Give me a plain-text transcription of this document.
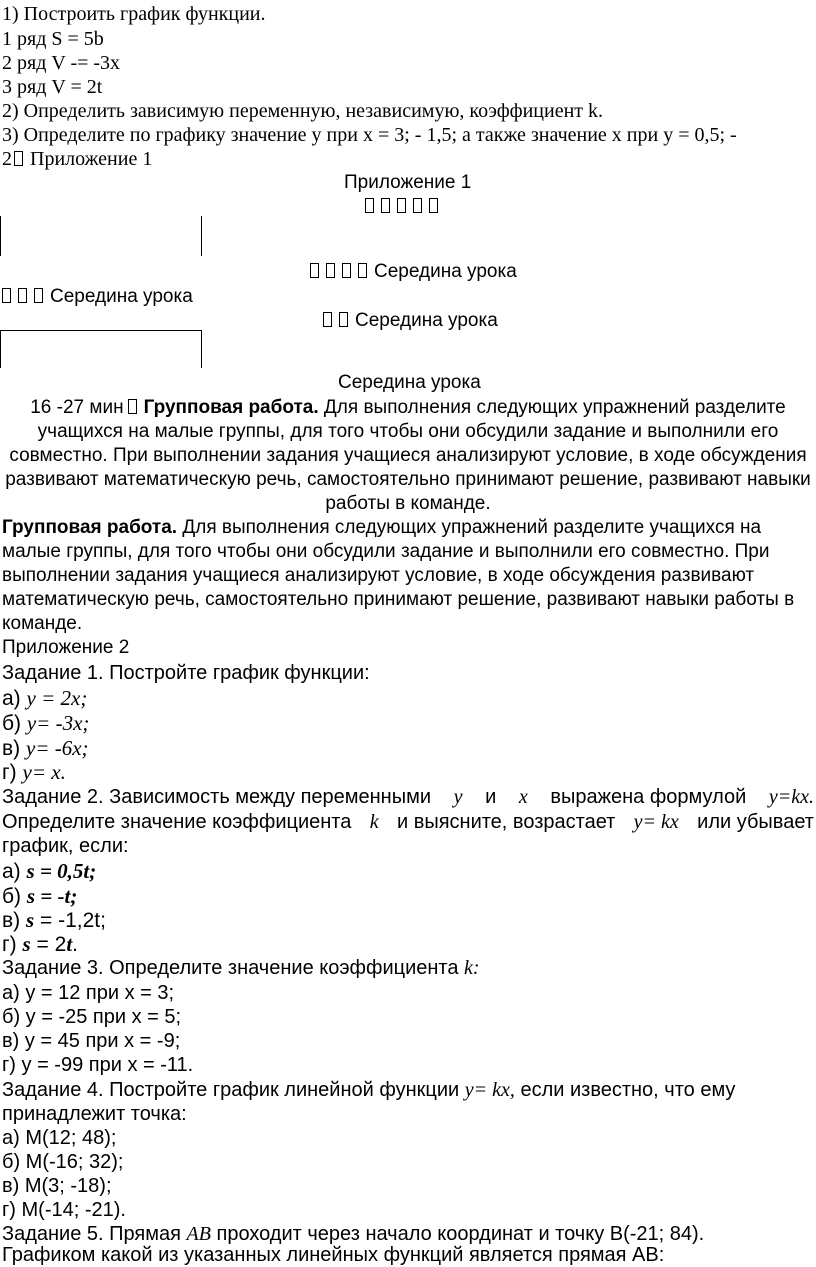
1) Построить график функции.
1 ряд S = 5b
2 ряд V -= -3x
3 ряд V = 2t
2) Определить зависимую переменную, независимую, коэффициент k.
3) Определите по графику значение у при х = 3; - 1,5; а также значение х при у = 0,5; -
2 Приложение 1
Приложение 1
Середина урока
Середина урока
Середина урока
Середина урока
16 -27 мин Групповая работа. Для выполнения следующих упражнений разделите учащихся на малые группы, для того чтобы они обсудили задание и выполнили его совместно. При выполнении задания учащиеся анализируют условие, в ходе обсуждения развивают математическую речь, самостоятельно принимают решение, развивают навыки работы в команде.
Групповая работа. Для выполнения следующих упражнений разделите учащихся на малые группы, для того чтобы они обсудили задание и выполнили его совместно. При выполнении задания учащиеся анализируют условие, в ходе обсуждения развивают математическую речь, самостоятельно принимают решение, развивают навыки работы в команде.
Приложение 2
Задание 1. Постройте график функции:
а) y = 2x;
б) y= -3x;
в) y= -6x;
г) y= x.
Задание 2. Зависимость между переменными y и x выражена формулой y=kx.
Определите значение коэффициента k и выясните, возрастает y= kx или убывает
график, если:
а) s = 0,5t;
б) s = -t;
в) s = -1,2t;
г) s = 2t.
Задание 3. Определите значение коэффициента k:
а) y = 12 при x = 3;
б) y = -25 при x = 5;
в) y = 45 при x = -9;
г) y = -99 при x = -11.
Задание 4. Постройте график линейной функции y= kx, если известно, что ему
принадлежит точка:
а) М(12; 48);
б) М(-16; 32);
в) М(3; -18);
г) М(-14; -21).
Задание 5. Прямая AB проходит через начало координат и точку В(-21; 84).
Графиком какой из указанных линейных функций является прямая АВ:
